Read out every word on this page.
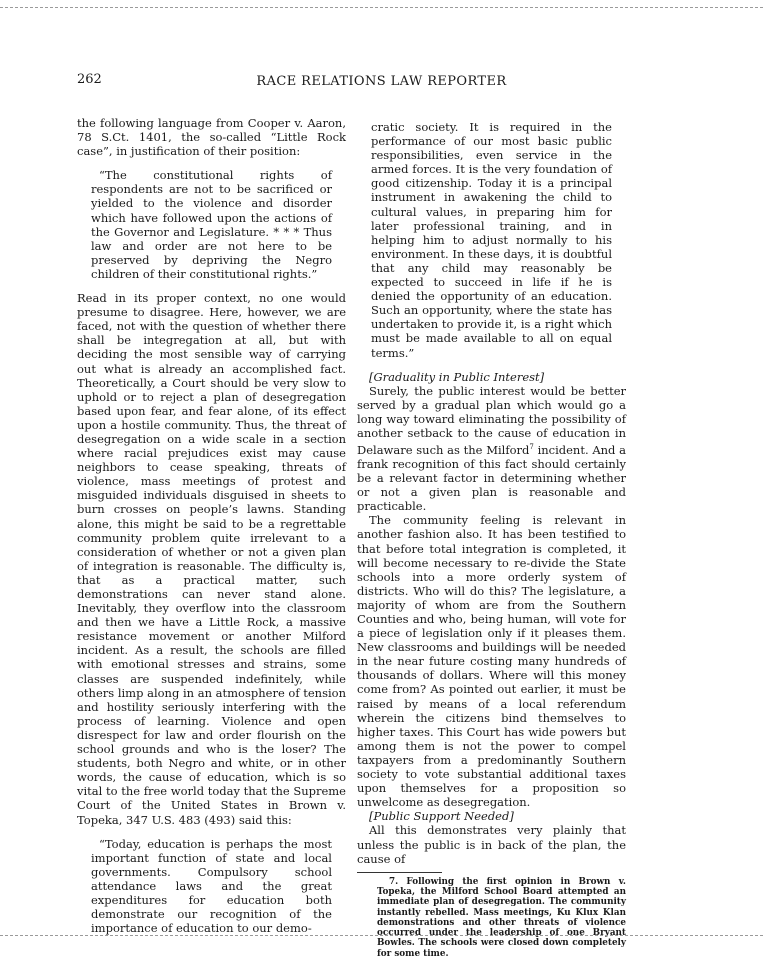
262	RACE RELATIONS LAW REPORTER

the following language from Cooper v. Aaron, 78 S.Ct. 1401, the so-called “Little Rock case”, in justification of their position:

“The constitutional rights of respondents are not to be sacrificed or yielded to the violence and disorder which have followed upon the actions of the Governor and Legislature. * * * Thus law and order are not here to be preserved by depriving the Negro children of their constitutional rights.”

Read in its proper context, no one would presume to disagree. Here, however, we are faced, not with the question of whether there shall be integregation at all, but with deciding the most sensible way of carrying out what is already an accomplished fact. Theoretically, a Court should be very slow to uphold or to reject a plan of desegregation based upon fear, and fear alone, of its effect upon a hostile community. Thus, the threat of desegregation on a wide scale in a section where racial prejudices exist may cause neighbors to cease speaking, threats of violence, mass meetings of protest and misguided individuals disguised in sheets to burn crosses on people’s lawns. Standing alone, this might be said to be a regrettable community problem quite irrelevant to a consideration of whether or not a given plan of integration is reasonable. The difficulty is, that as a practical matter, such demonstrations can never stand alone. Inevitably, they overflow into the classroom and then we have a Little Rock, a massive resistance movement or another Milford incident. As a result, the schools are filled with emotional stresses and strains, some classes are suspended indefinitely, while others limp along in an atmosphere of tension and hostility seriously interfering with the process of learning. Violence and open disrespect for law and order flourish on the school grounds and who is the loser? The students, both Negro and white, or in other words, the cause of education, which is so vital to the free world today that the Supreme Court of the United States in Brown v. Topeka, 347 U.S. 483 (493) said this:

“Today, education is perhaps the most important function of state and local governments. Compulsory school attendance laws and the great expenditures for education both demonstrate our recognition of the importance of education to our demo-

cratic society. It is required in the performance of our most basic public responsibilities, even service in the armed forces. It is the very foundation of good citizenship. Today it is a principal instrument in awakening the child to cultural values, in preparing him for later professional training, and in helping him to adjust normally to his environment. In these days, it is doubtful that any child may reasonably be expected to succeed in life if he is denied the opportunity of an education. Such an opportunity, where the state has undertaken to provide it, is a right which must be made available to all on equal terms.”

[Graduality in Public Interest]

Surely, the public interest would be better served by a gradual plan which would go a long way toward eliminating the possibility of another setback to the cause of education in Delaware such as the Milford$^7$ incident. And a frank recognition of this fact should certainly be a relevant factor in determining whether or not a given plan is reasonable and practicable.

The community feeling is relevant in another fashion also. It has been testified to that before total integration is completed, it will become necessary to re-divide the State schools into a more orderly system of districts. Who will do this? The legislature, a majority of whom are from the Southern Counties and who, being human, will vote for a piece of legislation only if it pleases them. New classrooms and buildings will be needed in the near future costing many hundreds of thousands of dollars. Where will this money come from? As pointed out earlier, it must be raised by means of a local referendum wherein the citizens bind themselves to higher taxes. This Court has wide powers but among them is not the power to compel taxpayers from a predominantly Southern society to vote substantial additional taxes upon themselves for a proposition so unwelcome as desegregation.

[Public Support Needed]

All this demonstrates very plainly that unless the public is in back of the plan, the cause of

7. Following the first opinion in Brown v. Topeka, the Milford School Board attempted an immediate plan of desegregation. The community instantly rebelled. Mass meetings, Ku Klux Klan demonstrations and other threats of violence occurred under the leadership of one Bryant Bowles. The schools were closed down completely for some time.
